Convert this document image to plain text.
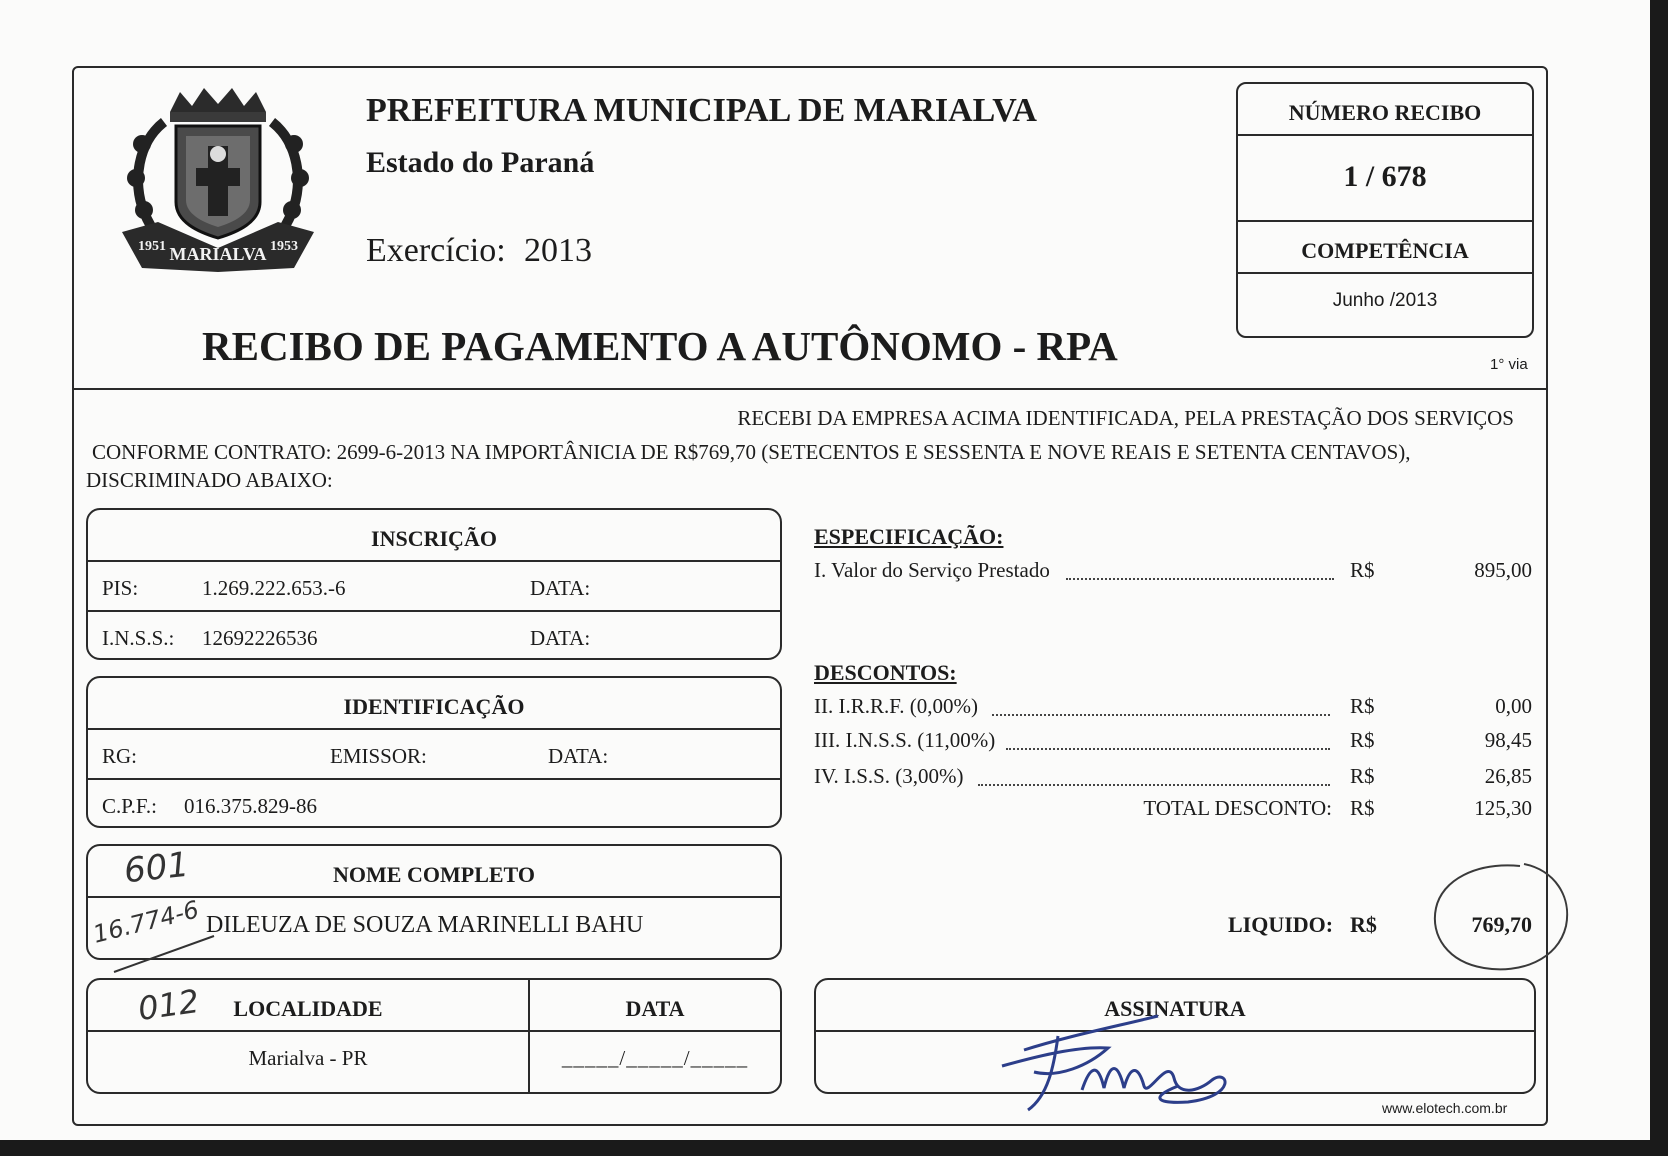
MARIALVA
1951	1953
PREFEITURA MUNICIPAL DE MARIALVA
Estado do Paraná
Exercício: 2013
RECIBO DE PAGAMENTO A AUTÔNOMO - RPA
NÚMERO RECIBO
1 / 678
COMPETÊNCIA
Junho /2013
1° via
RECEBI DA EMPRESA ACIMA IDENTIFICADA, PELA PRESTAÇÃO DOS SERVIÇOS
CONFORME CONTRATO: 2699-6-2013 NA IMPORTÂNICIA DE R$769,70 (SETECENTOS E SESSENTA E NOVE REAIS E SETENTA CENTAVOS),
DISCRIMINADO ABAIXO:
INSCRIÇÃO
PIS:	1.269.222.653.-6	DATA:
I.N.S.S.: 12692226536	DATA:
IDENTIFICAÇÃO
RG:	EMISSOR:	DATA:
C.P.F.: 016.375.829-86
NOME COMPLETO
DILEUZA DE SOUZA MARINELLI BAHU
601
16.774-6
LOCALIDADE	DATA
Marialva - PR	_____/_____/_____
012
ESPECIFICAÇÃO:
I. Valor do Serviço Prestado	R$	895,00
DESCONTOS:
II. I.R.R.F. (0,00%)	R$	0,00
III. I.N.S.S. (11,00%)	R$	98,45
IV. I.S.S. (3,00%)	R$	26,85
TOTAL DESCONTO: R$	125,30
LIQUIDO: R$	769,70
ASSINATURA
www.elotech.com.br
